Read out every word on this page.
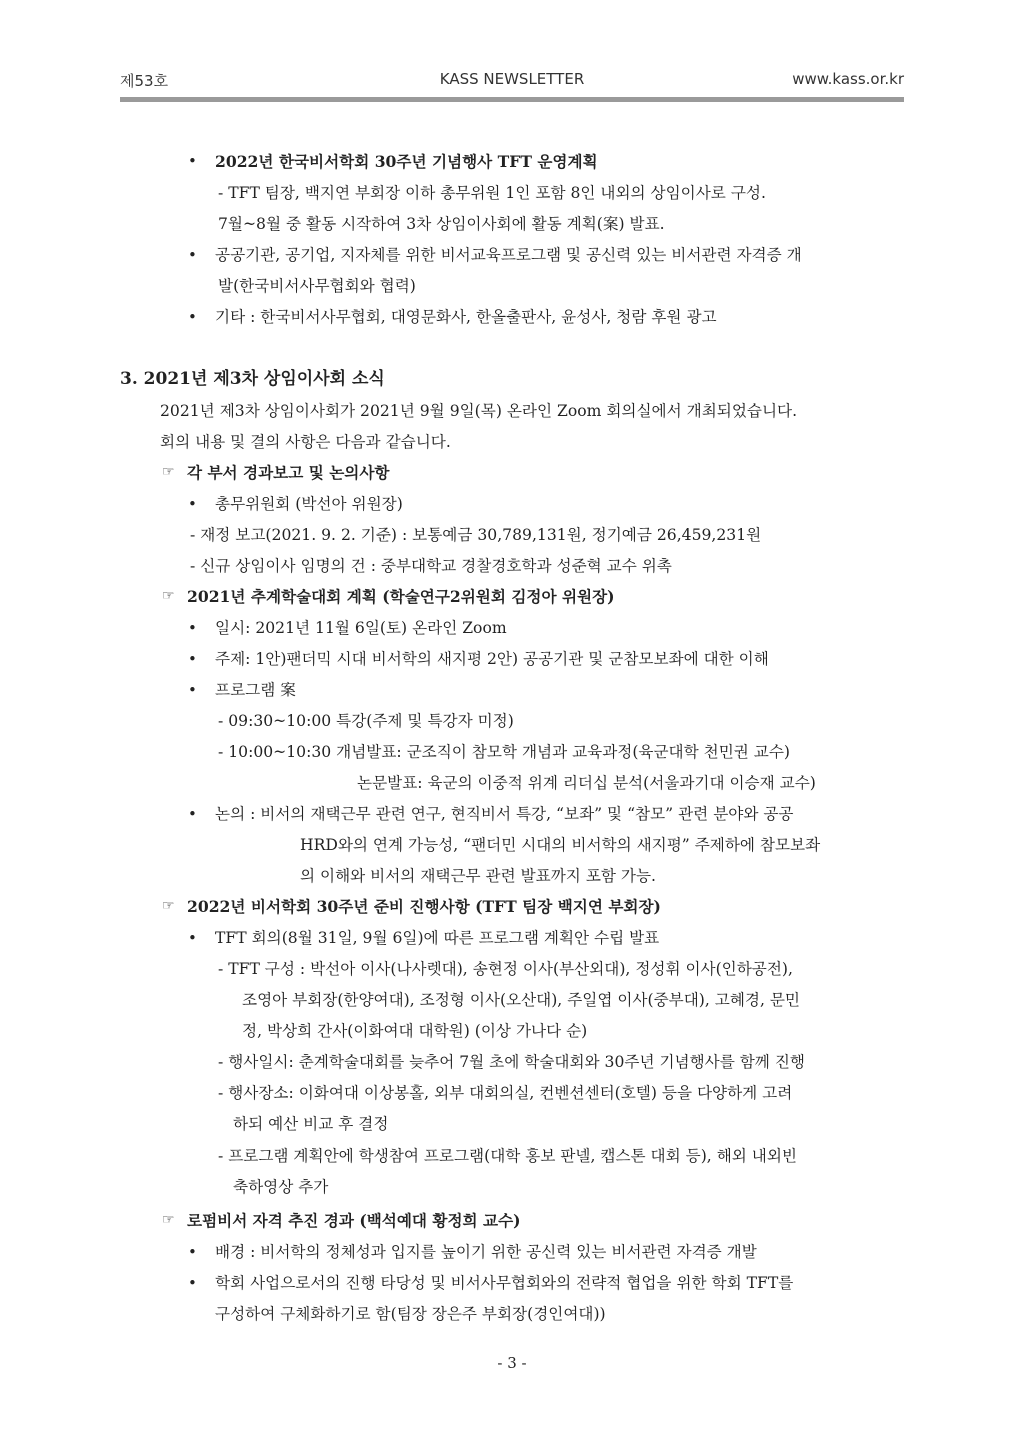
제53호	KASS NEWSLETTER	www.kass.or.kr
• 2022년 한국비서학회 30주년 기념행사 TFT 운영계획
- TFT 팀장, 백지연 부회장 이하 총무위원 1인 포함 8인 내외의 상임이사로 구성.
7월~8월 중 활동 시작하여 3차 상임이사회에 활동 계획(案) 발표.
• 공공기관, 공기업, 지자체를 위한 비서교육프로그램 및 공신력 있는 비서관련 자격증 개
발(한국비서사무협회와 협력)
• 기타 : 한국비서사무협회, 대영문화사, 한올출판사, 윤성사, 청람 후원 광고
3. 2021년 제3차 상임이사회 소식
2021년 제3차 상임이사회가 2021년 9월 9일(목) 온라인 Zoom 회의실에서 개최되었습니다.
회의 내용 및 결의 사항은 다음과 같습니다.
☞ 각 부서 경과보고 및 논의사항
• 총무위원회 (박선아 위원장)
- 재정 보고(2021. 9. 2. 기준) : 보통예금 30,789,131원, 정기예금 26,459,231원
- 신규 상임이사 임명의 건 : 중부대학교 경찰경호학과 성준혁 교수 위촉
☞ 2021년 추계학술대회 계획 (학술연구2위원회 김정아 위원장)
• 일시: 2021년 11월 6일(토) 온라인 Zoom
• 주제: 1안)팬더믹 시대 비서학의 새지평 2안) 공공기관 및 군참모보좌에 대한 이해
• 프로그램 案
- 09:30~10:00 특강(주제 및 특강자 미정)
- 10:00~10:30 개념발표: 군조직이 참모학 개념과 교육과정(육군대학 천민권 교수)
논문발표: 육군의 이중적 위계 리더십 분석(서울과기대 이승재 교수)
• 논의 : 비서의 재택근무 관련 연구, 현직비서 특강, “보좌” 및 “참모” 관련 분야와 공공
HRD와의 연계 가능성, “팬더민 시대의 비서학의 새지평” 주제하에 참모보좌
의 이해와 비서의 재택근무 관련 발표까지 포함 가능.
☞ 2022년 비서학회 30주년 준비 진행사항 (TFT 팀장 백지연 부회장)
• TFT 회의(8월 31일, 9월 6일)에 따른 프로그램 계획안 수립 발표
- TFT 구성 : 박선아 이사(나사렛대), 송현정 이사(부산외대), 정성휘 이사(인하공전),
조영아 부회장(한양여대), 조정형 이사(오산대), 주일엽 이사(중부대), 고혜경, 문민
정, 박상희 간사(이화여대 대학원) (이상 가나다 순)
- 행사일시: 춘계학술대회를 늦추어 7월 초에 학술대회와 30주년 기념행사를 함께 진행
- 행사장소: 이화여대 이상봉홀, 외부 대회의실, 컨벤션센터(호텔) 등을 다양하게 고려
하되 예산 비교 후 결정
- 프로그램 계획안에 학생참여 프로그램(대학 홍보 판넬, 캡스톤 대회 등), 해외 내외빈
축하영상 추가
☞ 로펌비서 자격 추진 경과 (백석예대 황정희 교수)
• 배경 : 비서학의 정체성과 입지를 높이기 위한 공신력 있는 비서관련 자격증 개발
• 학회 사업으로서의 진행 타당성 및 비서사무협회와의 전략적 협업을 위한 학회 TFT를
구성하여 구체화하기로 함(팀장 장은주 부회장(경인여대))
- 3 -
